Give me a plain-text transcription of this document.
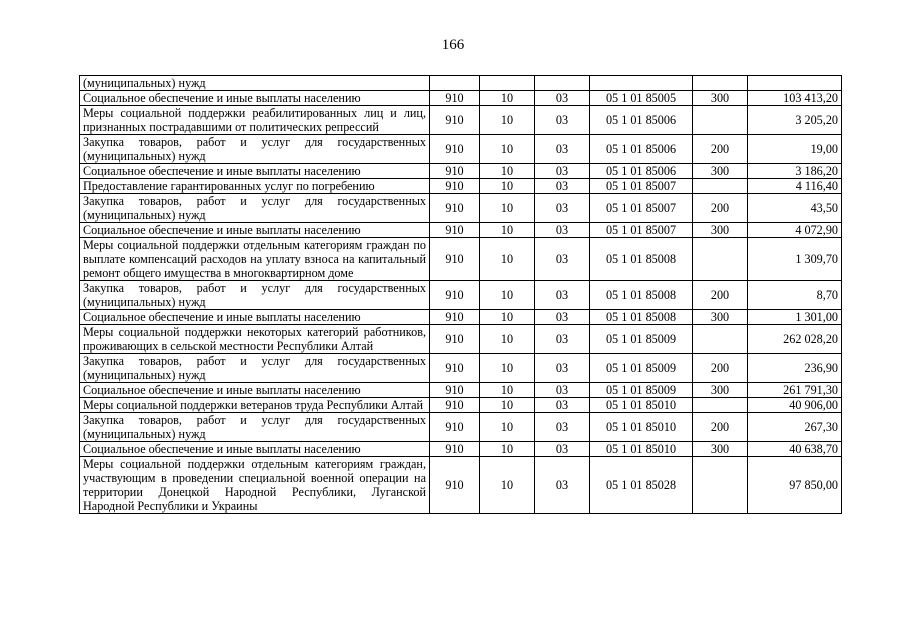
166
(муниципальных) нужд						
Социальное обеспечение и иные выплаты населению	910	10	03	05 1 01 85005	300	103 413,20
Меры социальной поддержки реабилитированных лиц и лиц, признанных пострадавшими от политических репрессий	910	10	03	05 1 01 85006		3 205,20
Закупка товаров, работ и услуг для государственных (муниципальных) нужд	910	10	03	05 1 01 85006	200	19,00
Социальное обеспечение и иные выплаты населению	910	10	03	05 1 01 85006	300	3 186,20
Предоставление гарантированных услуг по погребению	910	10	03	05 1 01 85007		4 116,40
Закупка товаров, работ и услуг для государственных (муниципальных) нужд	910	10	03	05 1 01 85007	200	43,50
Социальное обеспечение и иные выплаты населению	910	10	03	05 1 01 85007	300	4 072,90
Меры социальной поддержки отдельным категориям граждан по выплате компенсаций расходов на уплату взноса на капитальный ремонт общего имущества в многоквартирном доме	910	10	03	05 1 01 85008		1 309,70
Закупка товаров, работ и услуг для государственных (муниципальных) нужд	910	10	03	05 1 01 85008	200	8,70
Социальное обеспечение и иные выплаты населению	910	10	03	05 1 01 85008	300	1 301,00
Меры социальной поддержки некоторых категорий работников, проживающих в сельской местности Республики Алтай	910	10	03	05 1 01 85009		262 028,20
Закупка товаров, работ и услуг для государственных (муниципальных) нужд	910	10	03	05 1 01 85009	200	236,90
Социальное обеспечение и иные выплаты населению	910	10	03	05 1 01 85009	300	261 791,30
Меры социальной поддержки ветеранов труда Республики Алтай	910	10	03	05 1 01 85010		40 906,00
Закупка товаров, работ и услуг для государственных (муниципальных) нужд	910	10	03	05 1 01 85010	200	267,30
Социальное обеспечение и иные выплаты населению	910	10	03	05 1 01 85010	300	40 638,70
Меры социальной поддержки отдельным категориям граждан, участвующим в проведении специальной военной операции на территории Донецкой Народной Республики, Луганской Народной Республики и Украины	910	10	03	05 1 01 85028		97 850,00
